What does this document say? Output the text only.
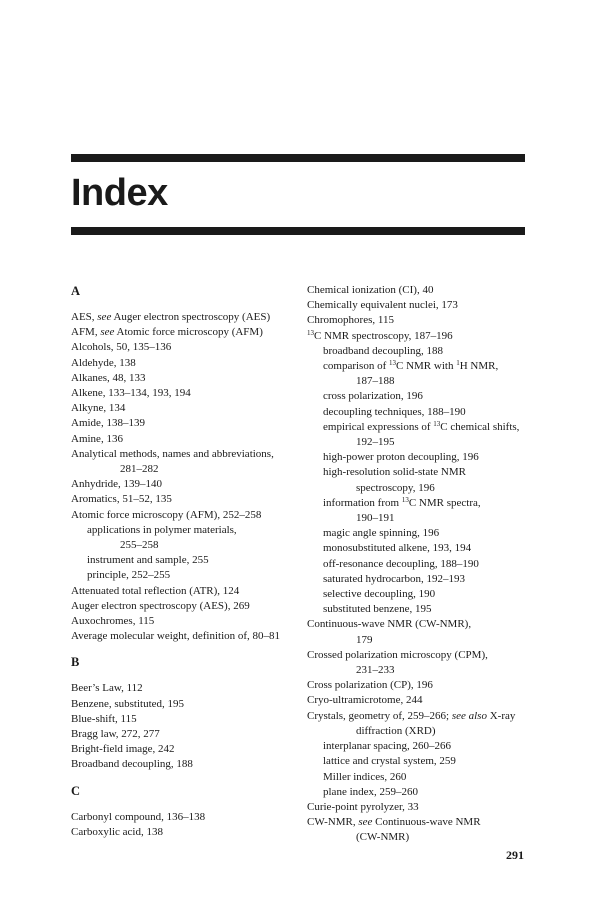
Index
A
AES, see Auger electron spectroscopy (AES)
AFM, see Atomic force microscopy (AFM)
Alcohols, 50, 135–136
Aldehyde, 138
Alkanes, 48, 133
Alkene, 133–134, 193, 194
Alkyne, 134
Amide, 138–139
Amine, 136
Analytical methods, names and abbreviations,
281–282
Anhydride, 139–140
Aromatics, 51–52, 135
Atomic force microscopy (AFM), 252–258
applications in polymer materials,
255–258
instrument and sample, 255
principle, 252–255
Attenuated total reflection (ATR), 124
Auger electron spectroscopy (AES), 269
Auxochromes, 115
Average molecular weight, definition of, 80–81
B
Beer’s Law, 112
Benzene, substituted, 195
Blue-shift, 115
Bragg law, 272, 277
Bright-field image, 242
Broadband decoupling, 188
C
Carbonyl compound, 136–138
Carboxylic acid, 138
Chemical ionization (CI), 40
Chemically equivalent nuclei, 173
Chromophores, 115
$^{13}$C NMR spectroscopy, 187–196
broadband decoupling, 188
comparison of $^{13}$C NMR with $^1$H NMR,
187–188
cross polarization, 196
decoupling techniques, 188–190
empirical expressions of $^{13}$C chemical shifts,
192–195
high-power proton decoupling, 196
high-resolution solid-state NMR
spectroscopy, 196
information from $^{13}$C NMR spectra,
190–191
magic angle spinning, 196
monosubstituted alkene, 193, 194
off-resonance decoupling, 188–190
saturated hydrocarbon, 192–193
selective decoupling, 190
substituted benzene, 195
Continuous-wave NMR (CW-NMR),
179
Crossed polarization microscopy (CPM),
231–233
Cross polarization (CP), 196
Cryo-ultramicrotome, 244
Crystals, geometry of, 259–266; see also X-ray
diffraction (XRD)
interplanar spacing, 260–266
lattice and crystal system, 259
Miller indices, 260
plane index, 259–260
Curie-point pyrolyzer, 33
CW-NMR, see Continuous-wave NMR
(CW-NMR)
291
